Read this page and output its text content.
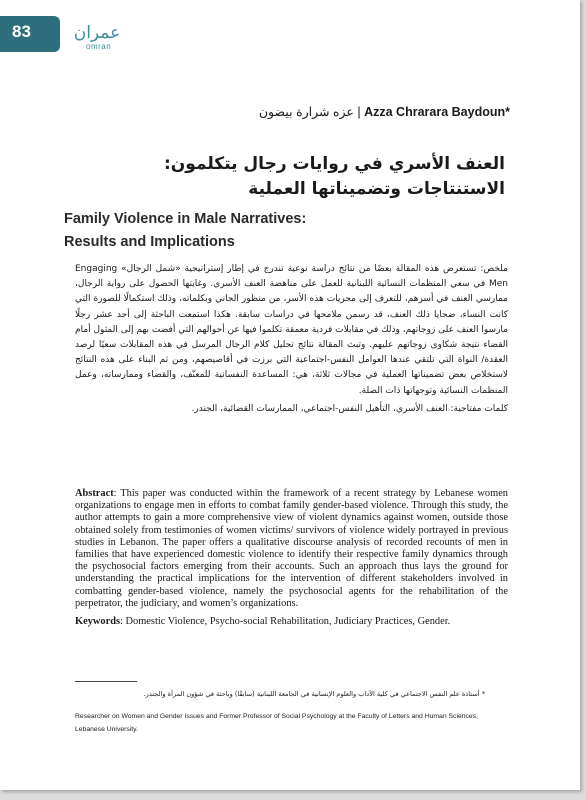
83	عمران
omran
عزه شرارة بيضون | Azza Chrarara Baydoun*
العنف الأسري في روايات رجال يتكلمون:
الاستنتاجات وتضميناتها العملية
Family Violence in Male Narratives:
Results and Implications

ملخص: تستعرض هذه المقالة بعضًا من نتائج دراسة نوعية تندرج في إطار إستراتيجية «شمل الرجال» Engaging Men في سعي المنظمات النسائية اللبنانية للعمل على مناهضة العنف الأسري. وغايتها الحصول على رواية الرجال، ممارسي العنف في أسرهم، للتعرف إلى مجريات هذه الأسر، من منظور الجاني وبكلماته، وذلك استكمالًا للصورة التي كانت النساء، ضحايا ذلك العنف، قد رسمن ملامحها في دراسات سابقة. هكذا استمعت الباحثة إلى أحد عشر رجلًا مارسوا العنف على زوجاتهم، وذلك في مقابلات فردية معمقة تكلموا فيها عن أحوالهم التي أفضت بهم إلى المثول أمام القضاء نتيجة شكاوى زوجاتهم عليهم. وتبث المقالة نتائج تحليل كلام الرجال المرسل في هذه المقابلات سعيًا لرصد العقدة/ النواة التي تلتقي عندها العوامل النفس-اجتماعية التي برزت في أقاصيصهم، ومن ثم البناء على هذه النتائج لاستخلاص بعض تضميناتها العملية في مجالات ثلاثة، هي: المساعدة النفسانية للمعنّف، والقضاء وممارساته، وعمل المنظمات النسائية وتوجهاتها ذات الصلة.

كلمات مفتاحية: العنف الأسري، التأهيل النفس-اجتماعي، الممارسات القضائية، الجندر.

Abstract: This paper was conducted within the framework of a recent strategy by Lebanese women organizations to engage men in efforts to combat family gender-based violence. Through this study, the author attempts to gain a more comprehensive view of violent dynamics against women, outside those obtained solely from testimonies of women victims/ survivors of violence widely portrayed in previous studies in Lebanon. The paper offers a qualitative discourse analysis of recorded recounts of men in families that have experienced domestic violence to identify their respective family dynamics through the psychosocial factors emerging from their accounts. Such an approach thus lays the ground for understanding the practical implications for the intervention of different stakeholders involved in combatting gender-based violence, namely the psychosocial agents for the rehabilitation of the perpetrator, the judiciary, and women’s organizations.

Keywords: Domestic Violence, Psycho-social Rehabilitation, Judiciary Practices, Gender.

* أستاذة علم النفس الاجتماعي في كلية الآداب والعلوم الإنسانية في الجامعة اللبنانية (سابقًا) وباحثة في شؤون المرأة والجندر.
Researcher on Women and Gender Issues and Former Professor of Social Psychology at the Faculty of Letters and Human Sciences, Lebanese University.
